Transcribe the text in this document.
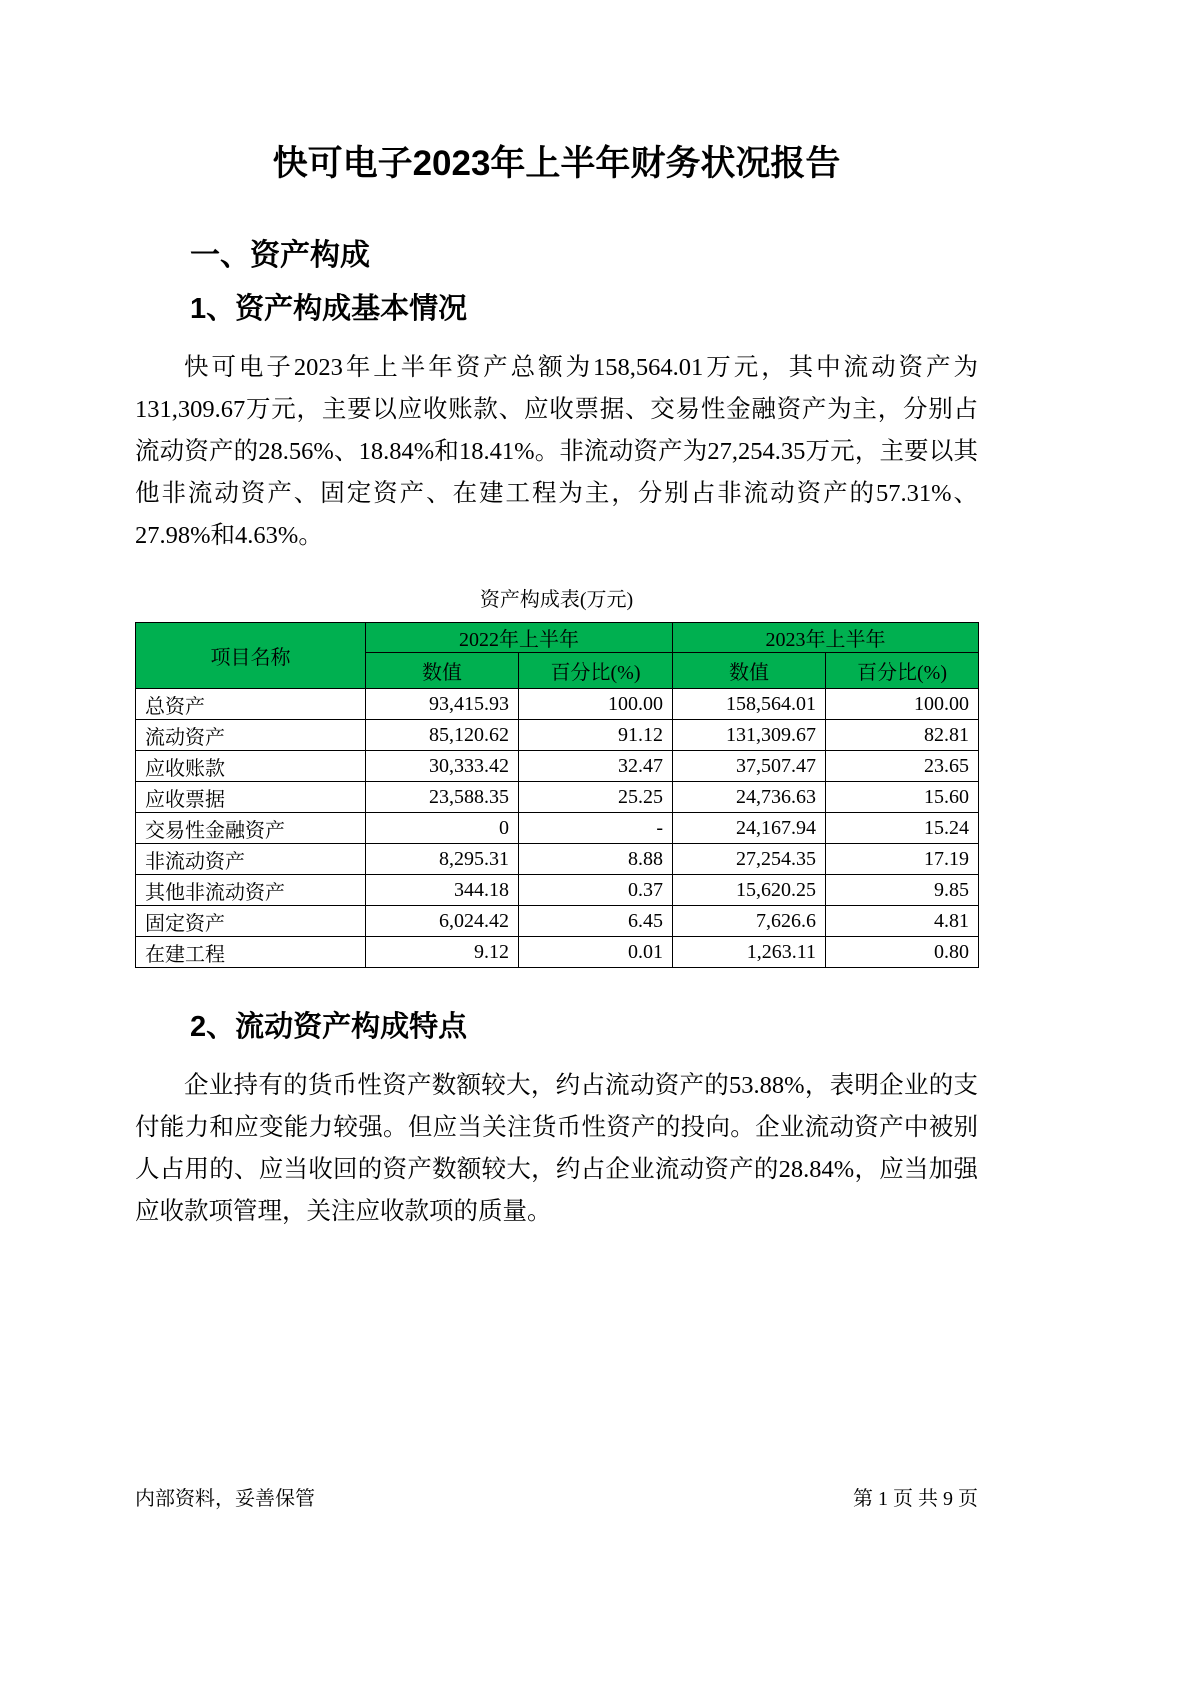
快可电子2023年上半年财务状况报告
一、资产构成
1、资产构成基本情况

快可电子2023年上半年资产总额为158,564.01万元，其中流动资产为131,309.67万元，主要以应收账款、应收票据、交易性金融资产为主，分别占流动资产的28.56%、18.84%和18.41%。非流动资产为27,254.35万元，主要以其他非流动资产、固定资产、在建工程为主，分别占非流动资产的57.31%、27.98%和4.63%。

资产构成表(万元)
项目名称	2022年上半年		2023年上半年	
	数值	百分比(%)	数值	百分比(%)
总资产	93,415.93	100.00	158,564.01	100.00
流动资产	85,120.62	91.12	131,309.67	82.81
应收账款	30,333.42	32.47	37,507.47	23.65
应收票据	23,588.35	25.25	24,736.63	15.60
交易性金融资产	0	-	24,167.94	15.24
非流动资产	8,295.31	8.88	27,254.35	17.19
其他非流动资产	344.18	0.37	15,620.25	9.85
固定资产	6,024.42	6.45	7,626.6	4.81
在建工程	9.12	0.01	1,263.11	0.80
2、流动资产构成特点

企业持有的货币性资产数额较大，约占流动资产的53.88%，表明企业的支付能力和应变能力较强。但应当关注货币性资产的投向。企业流动资产中被别人占用的、应当收回的资产数额较大，约占企业流动资产的28.84%，应当加强应收款项管理，关注应收款项的质量。

内部资料，妥善保管	第 1 页 共 9 页
